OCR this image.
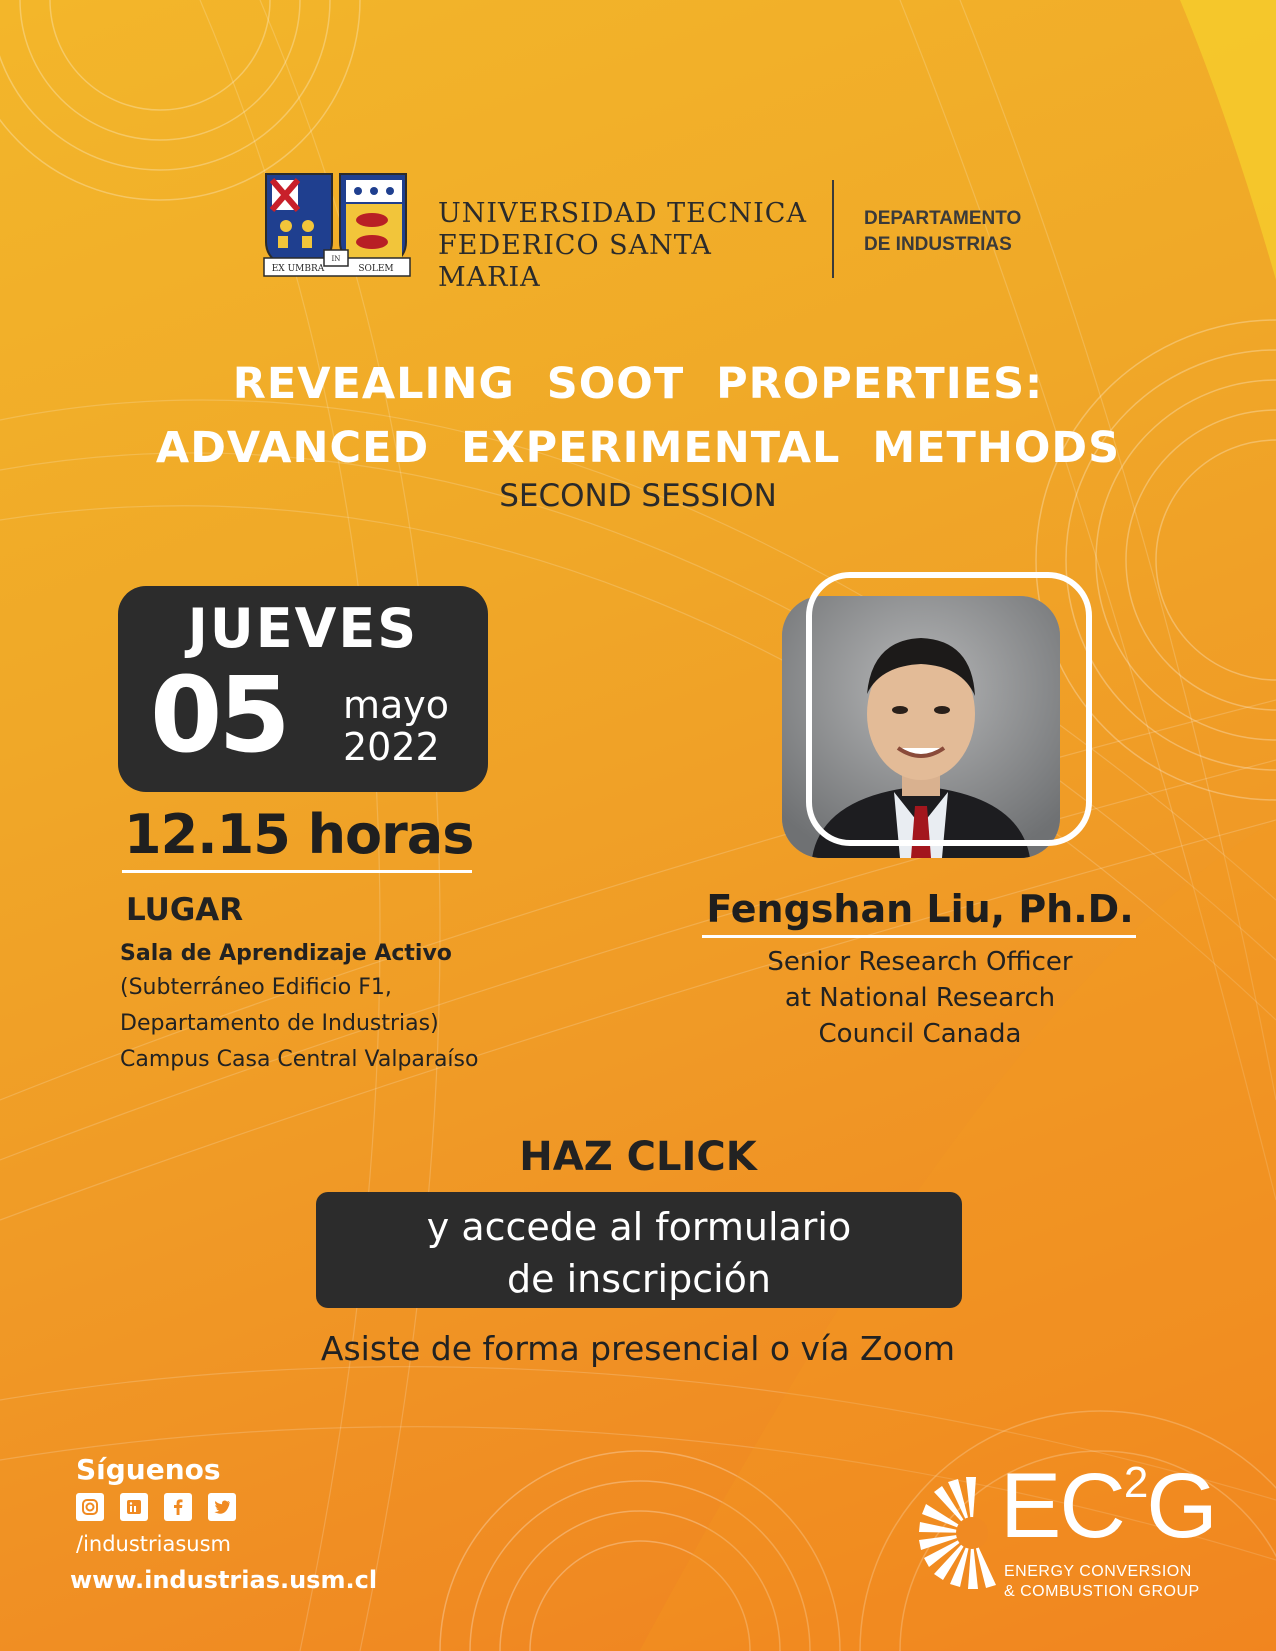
EX UMBRA
IN
SOLEM
UNIVERSIDAD TECNICA
FEDERICO SANTA MARIA
DEPARTAMENTO
DE INDUSTRIAS
REVEALING  SOOT  PROPERTIES:
ADVANCED  EXPERIMENTAL  METHODS
SECOND SESSION
JUEVES
05	mayo
2022
12.15 horas
LUGAR
Sala de Aprendizaje Activo
(Subterráneo Edificio F1,
Departamento de Industrias)
Campus Casa Central Valparaíso
Fengshan Liu, Ph.D.
Senior Research Officer
at National Research
Council Canada
HAZ CLICK
y accede al formulario
de inscripción
Asiste de forma presencial o vía Zoom
Síguenos
/industriasusm
www.industrias.usm.cl
$EC^2G$
ENERGY CONVERSION
& COMBUSTION GROUP
